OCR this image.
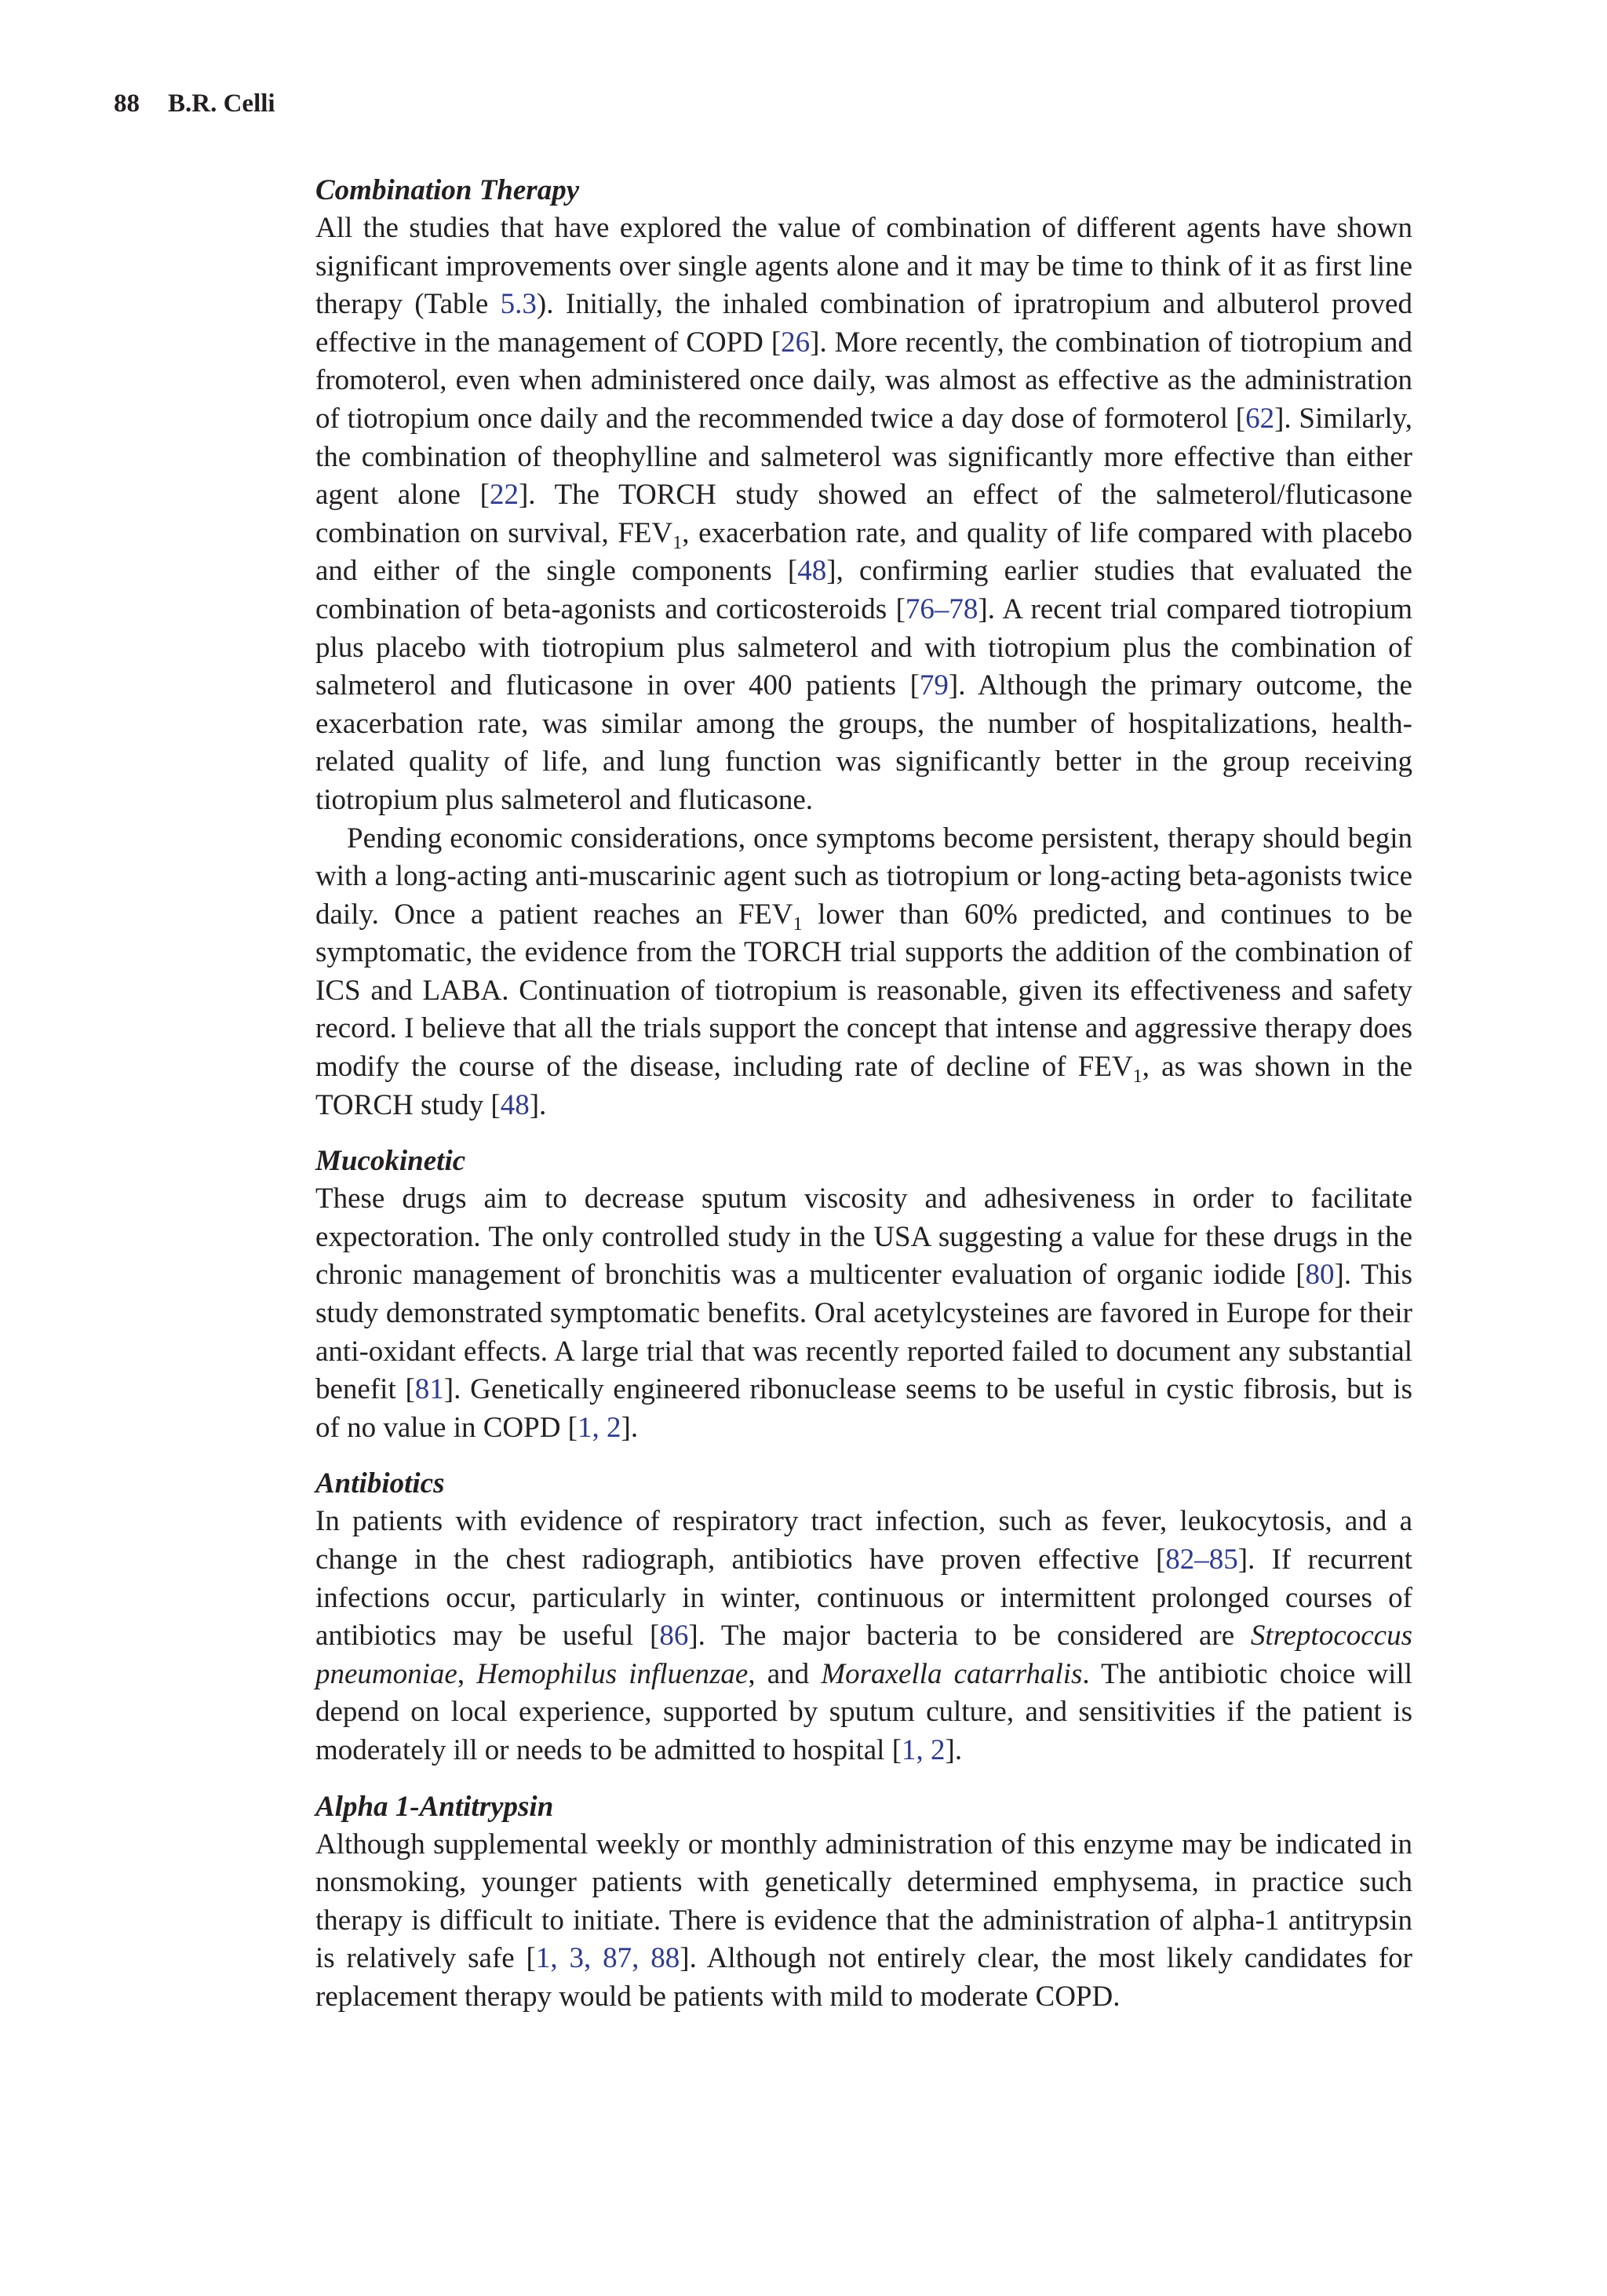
88 B.R. Celli
Combination Therapy

All the studies that have explored the value of combination of different agents have shown significant improvements over single agents alone and it may be time to think of it as first line therapy (Table 5.3). Initially, the inhaled combination of ipratropium and albuterol proved effective in the management of COPD [26]. More recently, the combination of tiotropium and fromoterol, even when administered once daily, was almost as effective as the administration of tiotropium once daily and the recommended twice a day dose of formoterol [62]. Similarly, the combination of theophylline and salmeterol was significantly more effective than either agent alone [22]. The TORCH study showed an effect of the salmeterol/fluticasone combination on survival, $FEV_1$, exacerbation rate, and quality of life compared with placebo and either of the single components [48], confirming earlier studies that evaluated the combination of beta-agonists and corticosteroids [76–78]. A recent trial compared tiotropium plus placebo with tiotropium plus salmeterol and with tiotropium plus the combination of salmeterol and fluticasone in over 400 patients [79]. Although the primary outcome, the exacerbation rate, was similar among the groups, the number of hospitalizations, health-related quality of life, and lung function was significantly better in the group receiving tiotropium plus salmeterol and fluticasone.

Pending economic considerations, once symptoms become persistent, therapy should begin with a long-acting anti-muscarinic agent such as tiotropium or long-acting beta-agonists twice daily. Once a patient reaches an $FEV_1$ lower than 60% predicted, and continues to be symptomatic, the evidence from the TORCH trial supports the addition of the combination of ICS and LABA. Continuation of tiotropium is reasonable, given its effectiveness and safety record. I believe that all the trials support the concept that intense and aggressive therapy does modify the course of the disease, including rate of decline of $FEV_1$, as was shown in the TORCH study [48].

Mucokinetic

These drugs aim to decrease sputum viscosity and adhesiveness in order to facilitate expectoration. The only controlled study in the USA suggesting a value for these drugs in the chronic management of bronchitis was a multicenter evaluation of organic iodide [80]. This study demonstrated symptomatic benefits. Oral acetylcysteines are favored in Europe for their anti-oxidant effects. A large trial that was recently reported failed to document any substantial benefit [81]. Genetically engineered ribonuclease seems to be useful in cystic fibrosis, but is of no value in COPD [1, 2].

Antibiotics

In patients with evidence of respiratory tract infection, such as fever, leukocytosis, and a change in the chest radiograph, antibiotics have proven effective [82–85]. If recurrent infections occur, particularly in winter, continuous or intermittent prolonged courses of antibiotics may be useful [86]. The major bacteria to be considered are Streptococcus pneumoniae, Hemophilus influenzae, and Moraxella catarrhalis. The antibiotic choice will depend on local experience, supported by sputum culture, and sensitivities if the patient is moderately ill or needs to be admitted to hospital [1, 2].

Alpha 1-Antitrypsin

Although supplemental weekly or monthly administration of this enzyme may be indicated in nonsmoking, younger patients with genetically determined emphysema, in practice such therapy is difficult to initiate. There is evidence that the administration of alpha-1 antitrypsin is relatively safe [1, 3, 87, 88]. Although not entirely clear, the most likely candidates for replacement therapy would be patients with mild to moderate COPD.
